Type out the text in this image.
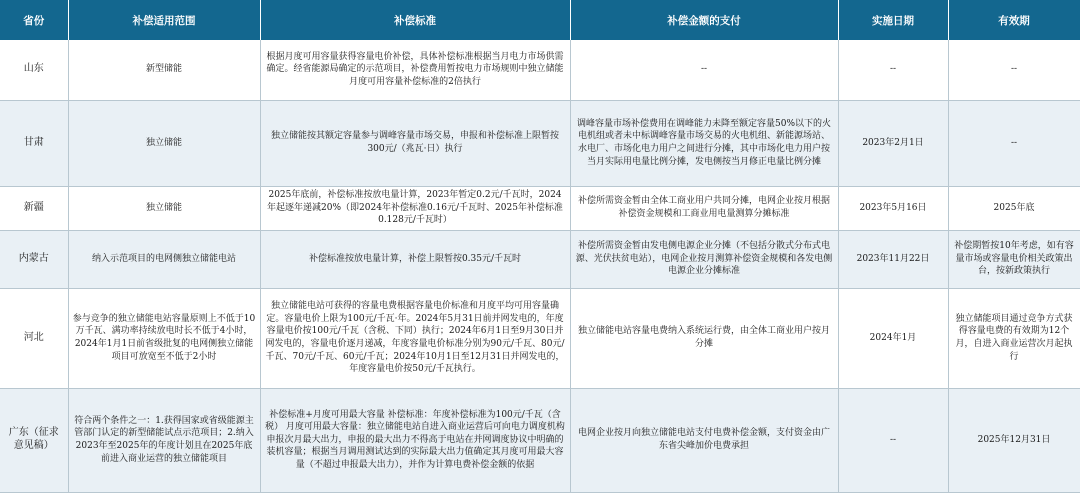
省份	补偿适用范围	补偿标准	补偿金额的支付	实施日期	有效期
山东	新型储能	根据月度可用容量获得容量电价补偿，具体补偿标准根据当月电力市场供需确定。经省能源局确定的示范项目，补偿费用暂按电力市场规则中独立储能月度可用容量补偿标准的2倍执行	--	--	--
甘肃	独立储能	独立储能按其额定容量参与调峰容量市场交易，申报和补偿标准上限暂按300元/（兆瓦·日）执行	调峰容量市场补偿费用在调峰能力未降至额定容量50%以下的火电机组或者未中标调峰容量市场交易的火电机组、新能源场站、水电厂、市场化电力用户之间进行分摊，其中市场化电力用户按当月实际用电量比例分摊，发电侧按当月修正电量比例分摊	2023年2月1日	--
新疆	独立储能	2025年底前，补偿标准按放电量计算，2023年暂定0.2元/千瓦时，2024年起逐年递减20%（即2024年补偿标准0.16元/千瓦时、2025年补偿标准0.128元/千瓦时）	补偿所需资金暂由全体工商业用户共同分摊，电网企业按月根据补偿资金规模和工商业用电量测算分摊标准	2023年5月16日	2025年底
内蒙古	纳入示范项目的电网侧独立储能电站	补偿标准按放电量计算，补偿上限暂按0.35元/千瓦时	补偿所需资金暂由发电侧电源企业分摊（不包括分散式分布式电源、光伏扶贫电站），电网企业按月测算补偿资金规模和各发电侧电源企业分摊标准	2023年11月22日	补偿期暂按10年考虑，如有容量市场或容量电价相关政策出台，按新政策执行
河北	参与竞争的独立储能电站容量原则上不低于10万千瓦、满功率持续放电时长不低于4小时，2024年1月1日前省级批复的电网侧独立储能项目可放宽至不低于2小时	独立储能电站可获得的容量电费根据容量电价标准和月度平均可用容量确定。容量电价上限为100元/千瓦·年。2024年5月31日前并网发电的，年度容量电价按100元/千瓦（含税、下同）执行；2024年6月1日至9月30日并网发电的，容量电价逐月递减，年度容量电价标准分别为90元/千瓦、80元/千瓦、70元/千瓦、60元/千瓦；2024年10月1日至12月31日并网发电的，年度容量电价按50元/千瓦执行。	独立储能电站容量电费纳入系统运行费，由全体工商业用户按月分摊	2024年1月	独立储能项目通过竞争方式获得容量电费的有效期为12个月，自进入商业运营次月起执行
广东（征求意见稿）	符合两个条件之一：1.获得国家或省级能源主管部门认定的新型储能试点示范项目；2.纳入2023年至2025年的年度计划且在2025年底前进入商业运营的独立储能项目	补偿标准+月度可用最大容量 补偿标准：年度补偿标准为100元/千瓦（含税） 月度可用最大容量：独立储能电站自进入商业运营后可向电力调度机构申报次月最大出力，申报的最大出力不得高于电站在并网调度协议中明确的装机容量；根据当月调用测试达到的实际最大出力值确定其月度可用最大容量（不超过申报最大出力），并作为计算电费补偿金额的依据	电网企业按月向独立储能电站支付电费补偿金额，支付资金由广东省尖峰加价电费承担	--	2025年12月31日
